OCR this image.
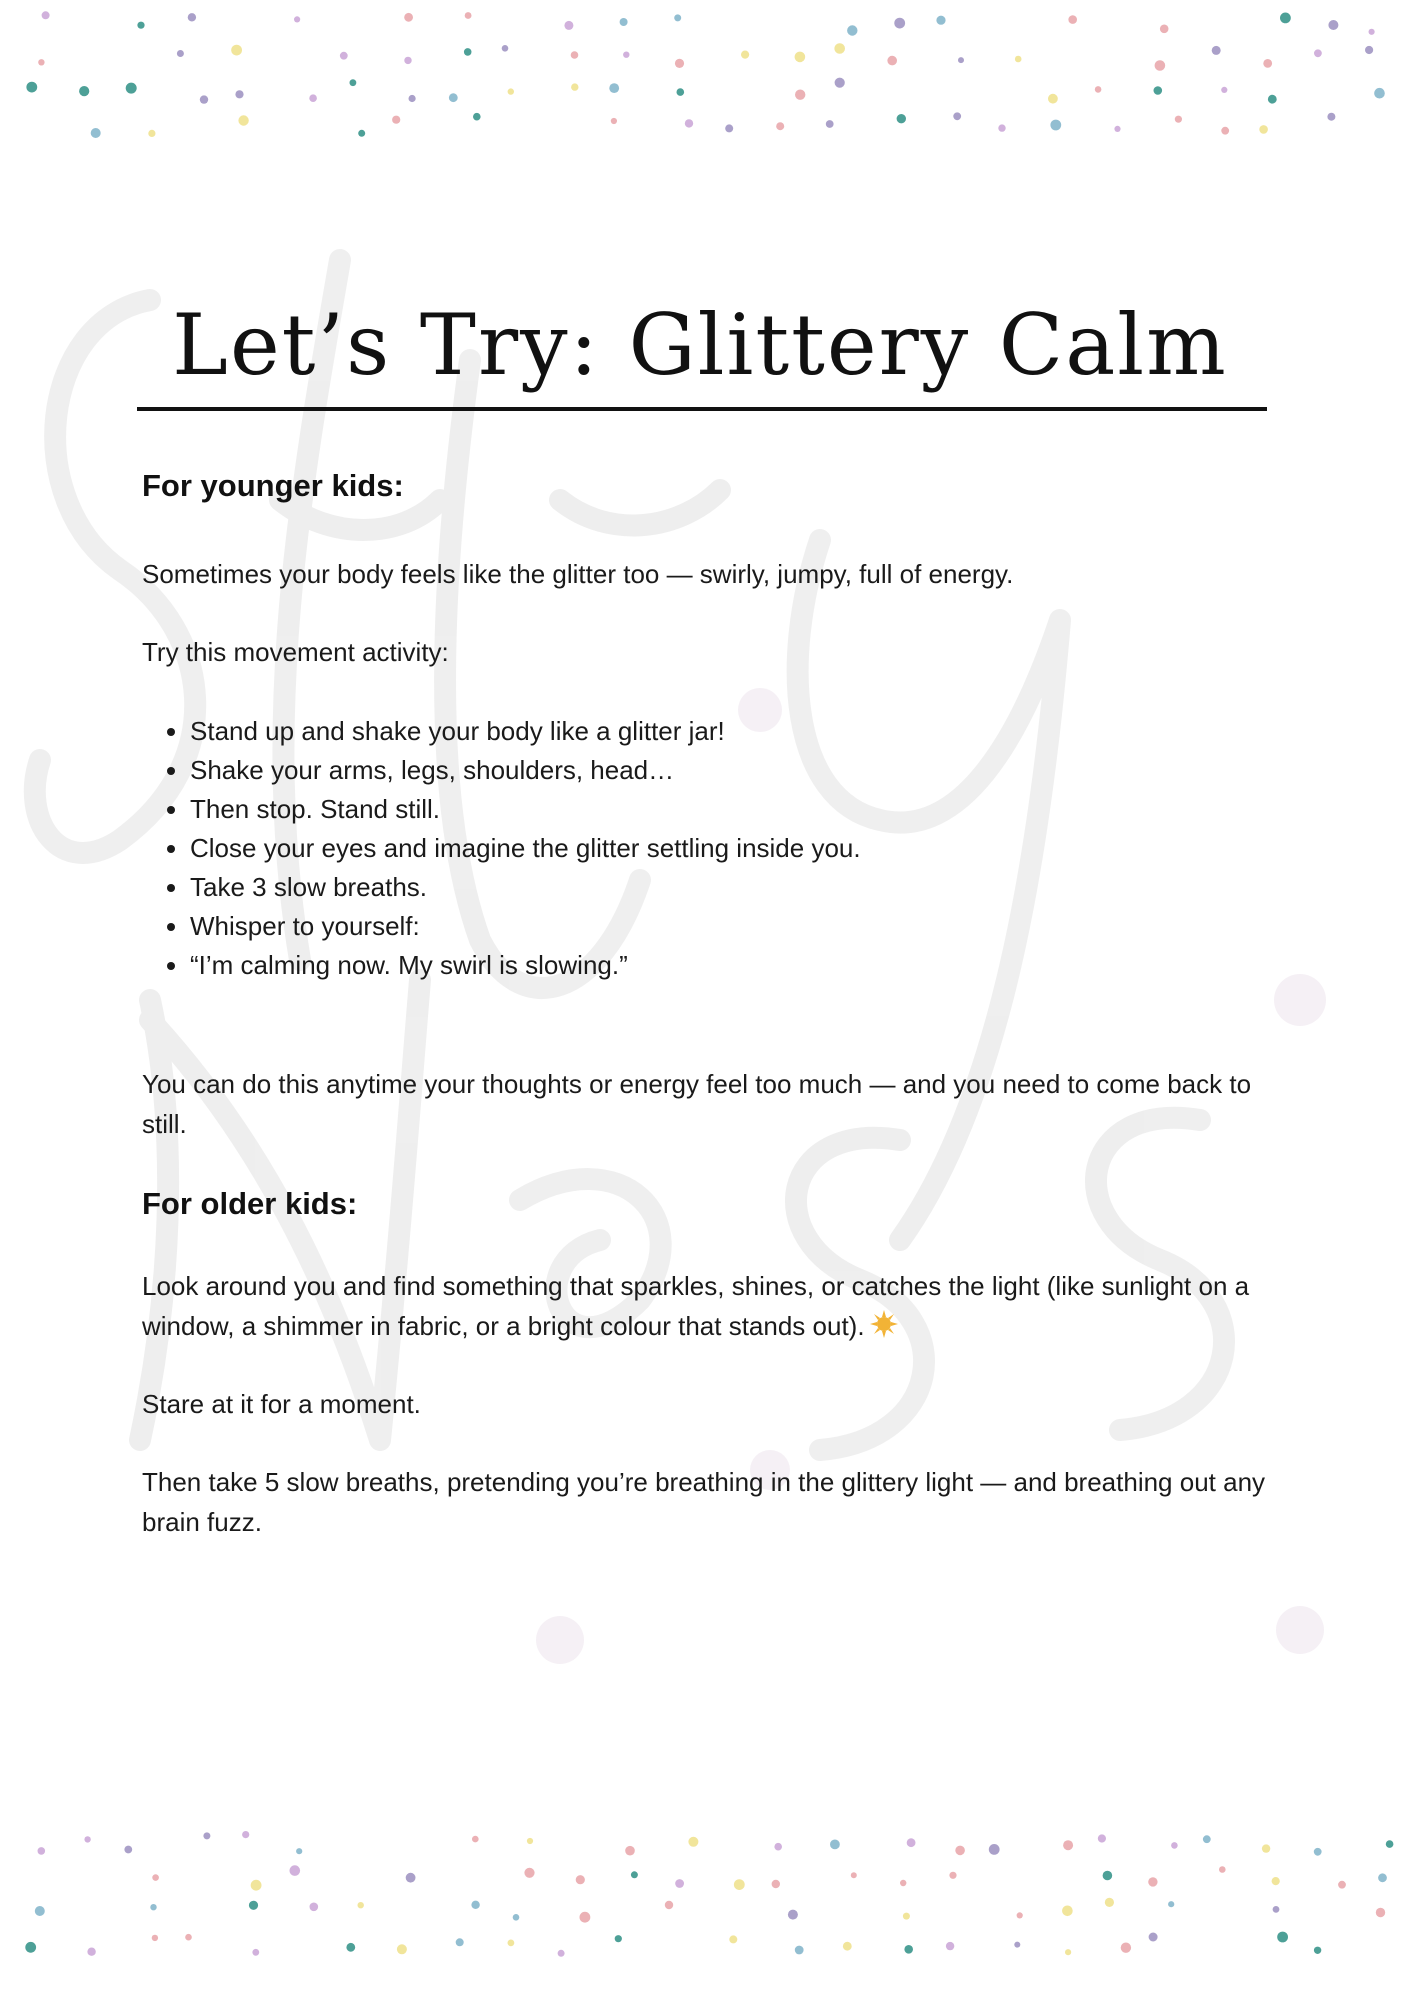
Let’s Try: Glittery Calm
For younger kids:
Sometimes your body feels like the glitter too — swirly, jumpy, full of energy.
Try this movement activity:
• Stand up and shake your body like a glitter jar!
• Shake your arms, legs, shoulders, head…
• Then stop. Stand still.
• Close your eyes and imagine the glitter settling inside you.
• Take 3 slow breaths.
• Whisper to yourself:
• “I’m calming now. My swirl is slowing.”
You can do this anytime your thoughts or energy feel too much — and you need to come back to still.
For older kids:
Look around you and find something that sparkles, shines, or catches the light (like sunlight on a window, a shimmer in fabric, or a bright colour that stands out).
Stare at it for a moment.
Then take 5 slow breaths, pretending you’re breathing in the glittery light — and breathing out any brain fuzz.
